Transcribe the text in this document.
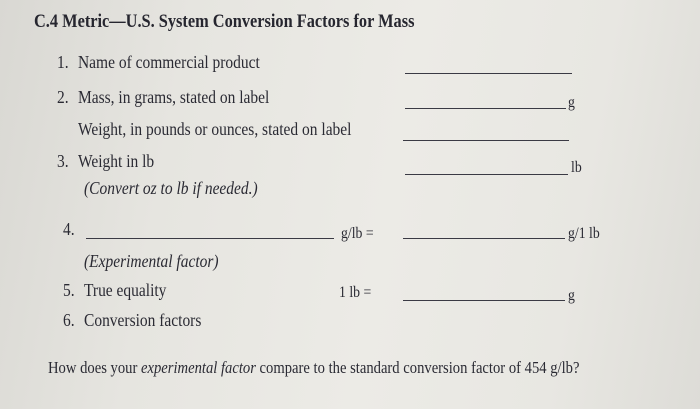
C.4 Metric—U.S. System Conversion Factors for Mass
1. Name of commercial product
2. Mass, in grams, stated on label	g
Weight, in pounds or ounces, stated on label
3. Weight in lb	lb
(Convert oz to lb if needed.)
4.	g/lb =	g/1 lb
(Experimental factor)
5. True equality	1 lb =	g
6. Conversion factors
How does your experimental factor compare to the standard conversion factor of 454 g/lb?
